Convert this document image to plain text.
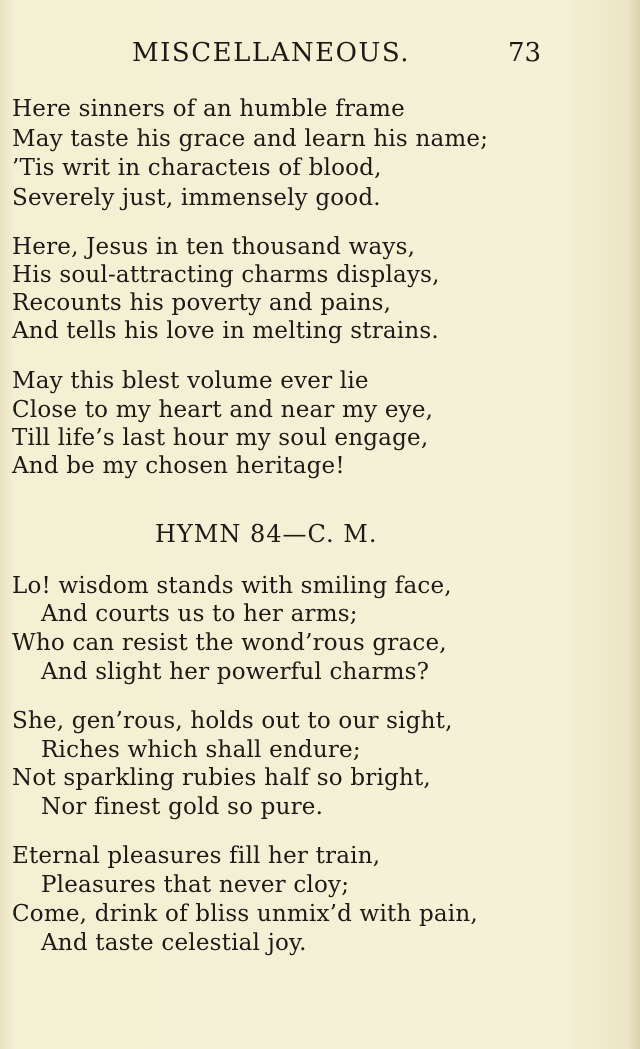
MISCELLANEOUS.	73
Here sinners of an humble frame
May taste his grace and learn his name;
’Tis writ in characteıs of blood,
Severely just, immensely good.
Here, Jesus in ten thousand ways,
His soul-attracting charms displays,
Recounts his poverty and pains,
And tells his love in melting strains.
May this blest volume ever lie
Close to my heart and near my eye,
Till life’s last hour my soul engage,
And be my chosen heritage!
HYMN 84—C. M.
Lo! wisdom stands with smiling face,
And courts us to her arms;
Who can resist the wond’rous grace,
And slight her powerful charms?
She, gen’rous, holds out to our sight,
Riches which shall endure;
Not sparkling rubies half so bright,
Nor finest gold so pure.
Eternal pleasures fill her train,
Pleasures that never cloy;
Come, drink of bliss unmix’d with pain,
And taste celestial joy.
